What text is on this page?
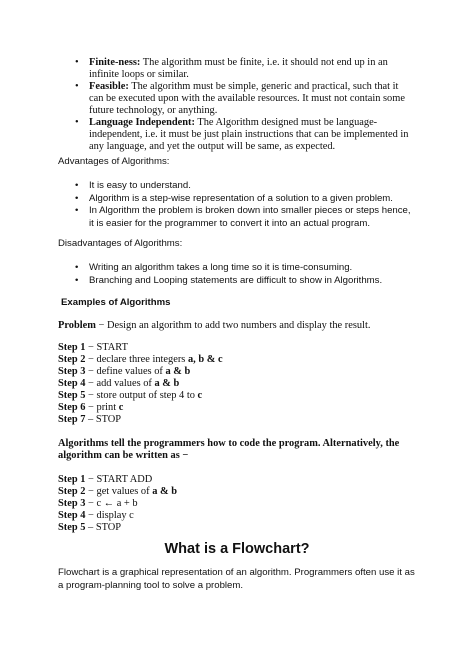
• Finite-ness: The algorithm must be finite, i.e. it should not end up in an infinite loops or similar.
• Feasible: The algorithm must be simple, generic and practical, such that it can be executed upon with the available resources. It must not contain some future technology, or anything.
• Language Independent: The Algorithm designed must be language-independent, i.e. it must be just plain instructions that can be implemented in any language, and yet the output will be same, as expected.
Advantages of Algorithms:
• It is easy to understand.
• Algorithm is a step-wise representation of a solution to a given problem.
• In Algorithm the problem is broken down into smaller pieces or steps hence, it is easier for the programmer to convert it into an actual program.
Disadvantages of Algorithms:
• Writing an algorithm takes a long time so it is time-consuming.
• Branching and Looping statements are difficult to show in Algorithms.
Examples of Algorithms
Problem − Design an algorithm to add two numbers and display the result.
Step 1 − START
Step 2 − declare three integers a, b & c
Step 3 − define values of a & b
Step 4 − add values of a & b
Step 5 − store output of step 4 to c
Step 6 − print c
Step 7 – STOP
Algorithms tell the programmers how to code the program. Alternatively, the algorithm can be written as −
Step 1 − START ADD
Step 2 − get values of a & b
Step 3 − c ← a + b
Step 4 − display c
Step 5 – STOP
What is a Flowchart?
Flowchart is a graphical representation of an algorithm. Programmers often use it as a program-planning tool to solve a problem.
